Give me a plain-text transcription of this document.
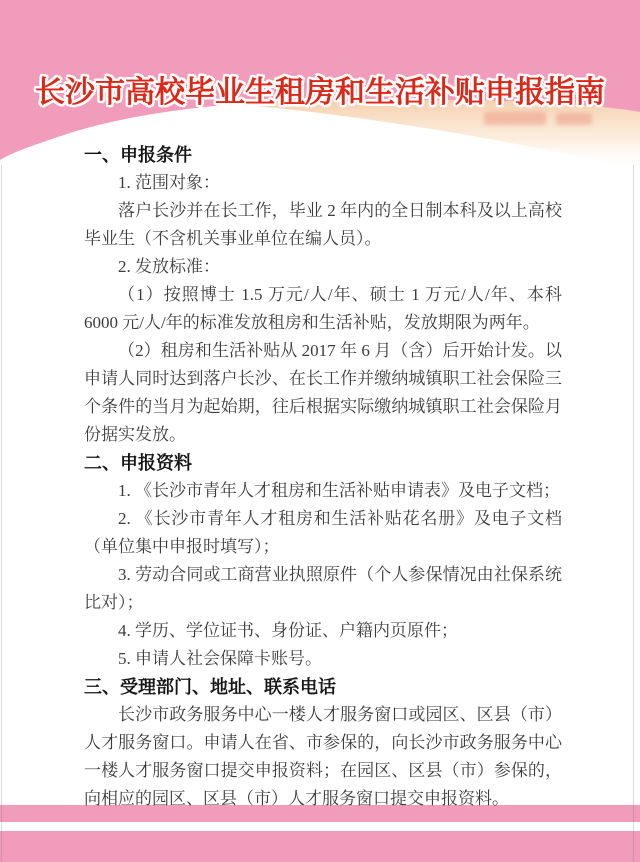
长沙市高校毕业生租房和生活补贴申报指南
一、申报条件

1. 范围对象：

落户长沙并在长工作，毕业 2 年内的全日制本科及以上高校毕业生（不含机关事业单位在编人员）。

2. 发放标准：

（1）按照博士 1.5 万元/人/年、硕士 1 万元/人/年、本科 6000 元/人/年的标准发放租房和生活补贴，发放期限为两年。

（2）租房和生活补贴从 2017 年 6 月（含）后开始计发。以申请人同时达到落户长沙、在长工作并缴纳城镇职工社会保险三个条件的当月为起始期，往后根据实际缴纳城镇职工社会保险月份据实发放。

二、申报资料

1. 《长沙市青年人才租房和生活补贴申请表》及电子文档；

2. 《长沙市青年人才租房和生活补贴花名册》及电子文档（单位集中申报时填写）；

3. 劳动合同或工商营业执照原件（个人参保情况由社保系统比对）；

4. 学历、学位证书、身份证、户籍内页原件；

5. 申请人社会保障卡账号。

三、受理部门、地址、联系电话

长沙市政务服务中心一楼人才服务窗口或园区、区县（市）人才服务窗口。申请人在省、市参保的，向长沙市政务服务中心一楼人才服务窗口提交申报资料；在园区、区县（市）参保的，向相应的园区、区县（市）人才服务窗口提交申报资料。
